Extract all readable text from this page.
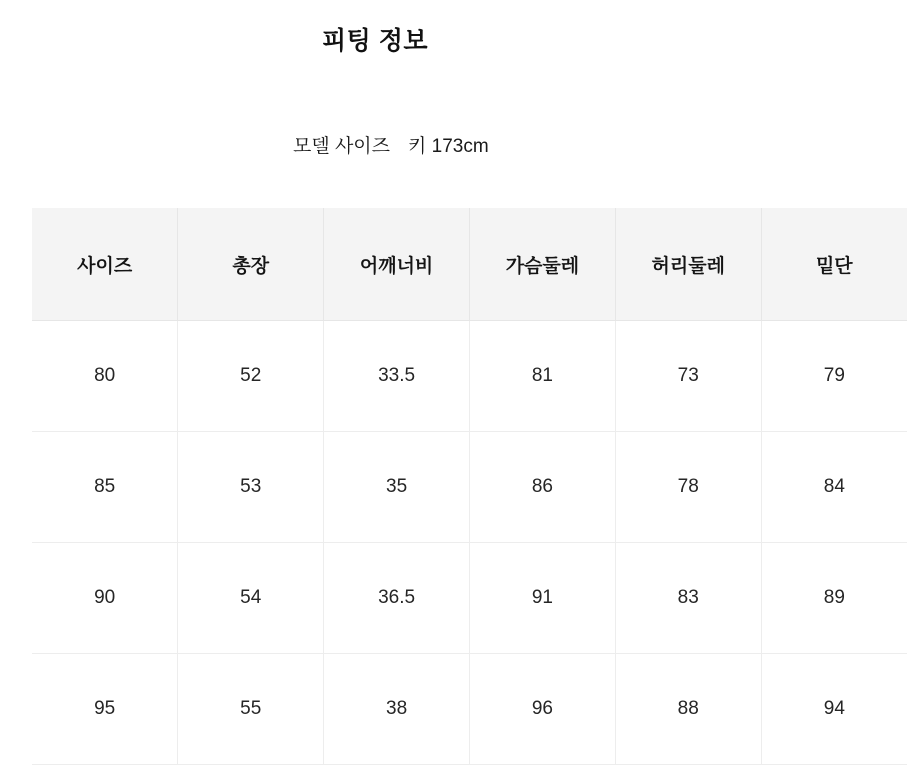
피팅 정보

모델 사이즈 키 173cm

사이즈	총장	어깨너비	가슴둘레	허리둘레	밑단
80	52	33.5	81	73	79
85	53	35	86	78	84
90	54	36.5	91	83	89
95	55	38	96	88	94
